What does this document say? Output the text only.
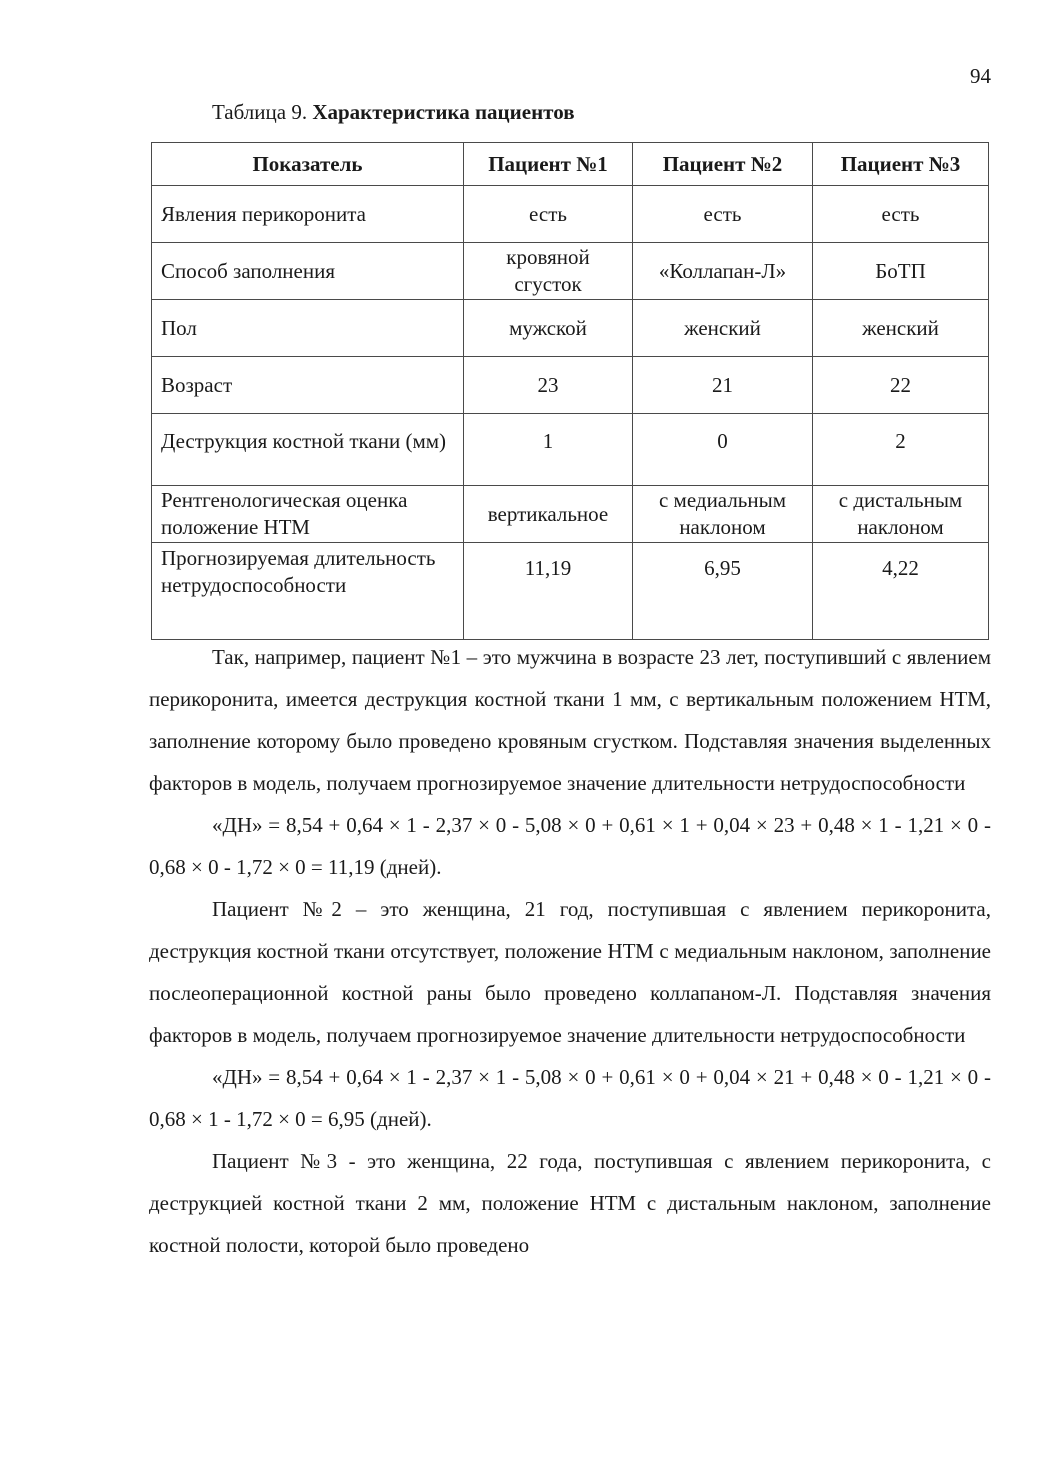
94
Таблица 9. Характеристика пациентов
Показатель	Пациент №1	Пациент №2	Пациент №3
Явления перикоронита	есть	есть	есть
Способ заполнения	кровяной сгусток	«Коллапан-Л»	БоТП
Пол	мужской	женский	женский
Возраст	23	21	22
Деструкция костной ткани (мм)	1	0	2
Рентгенологическая оценка положение НТМ	вертикальное	с медиальным наклоном	с дистальным наклоном
Прогнозируемая длительность нетрудоспособности	11,19	6,95	4,22

Так, например, пациент №1 – это мужчина в возрасте 23 лет, поступивший с явлением перикоронита, имеется деструкция костной ткани 1 мм, с вертикальным положением НТМ, заполнение которому было проведено кровяным сгустком. Подставляя значения выделенных факторов в модель, получаем прогнозируемое значение длительности нетрудоспособности

«ДН» = 8,54 + 0,64 × 1 - 2,37 × 0 - 5,08 × 0 + 0,61 × 1 + 0,04 × 23 + 0,48 × 1 - 1,21 × 0 - 0,68 × 0 - 1,72 × 0 = 11,19 (дней).

Пациент №2 – это женщина, 21 год, поступившая с явлением перикоронита, деструкция костной ткани отсутствует, положение НТМ с медиальным наклоном, заполнение послеоперационной костной раны было проведено коллапаном-Л. Подставляя значения факторов в модель, получаем прогнозируемое значение длительности нетрудоспособности

«ДН» = 8,54 + 0,64 × 1 - 2,37 × 1 - 5,08 × 0 + 0,61 × 0 + 0,04 × 21 + 0,48 × 0 - 1,21 × 0 - 0,68 × 1 - 1,72 × 0 = 6,95 (дней).

Пациент №3 - это женщина, 22 года, поступившая с явлением перикоронита, с деструкцией костной ткани 2 мм, положение НТМ с дистальным наклоном, заполнение костной полости, которой было проведено
